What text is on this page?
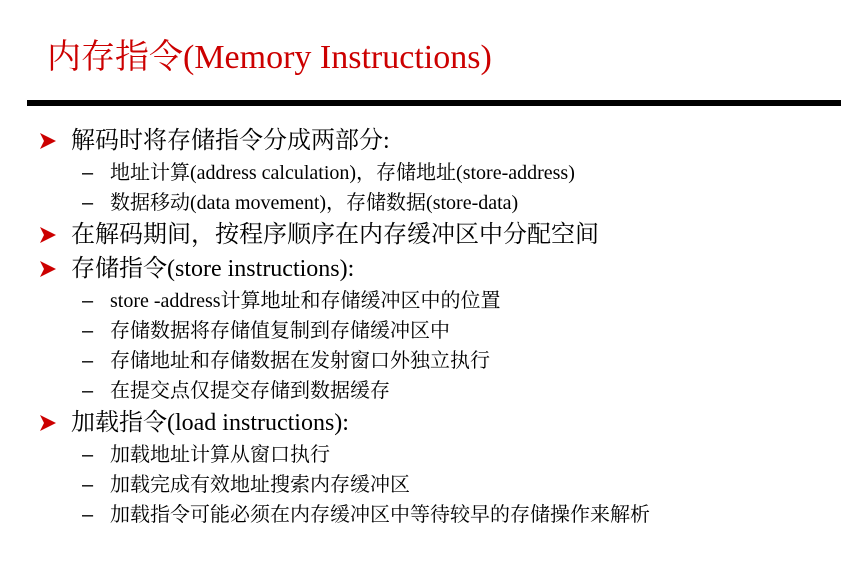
内存指令(Memory Instructions)
解码时将存储指令分成两部分:
– 地址计算(address calculation)，存储地址(store-address)
– 数据移动(data movement)，存储数据(store-data)
在解码期间，按程序顺序在内存缓冲区中分配空间
存储指令(store instructions):
– store -address计算地址和存储缓冲区中的位置
– 存储数据将存储值复制到存储缓冲区中
– 存储地址和存储数据在发射窗口外独立执行
– 在提交点仅提交存储到数据缓存
加载指令(load instructions):
– 加载地址计算从窗口执行
– 加载完成有效地址搜索内存缓冲区
– 加载指令可能必须在内存缓冲区中等待较早的存储操作来解析
